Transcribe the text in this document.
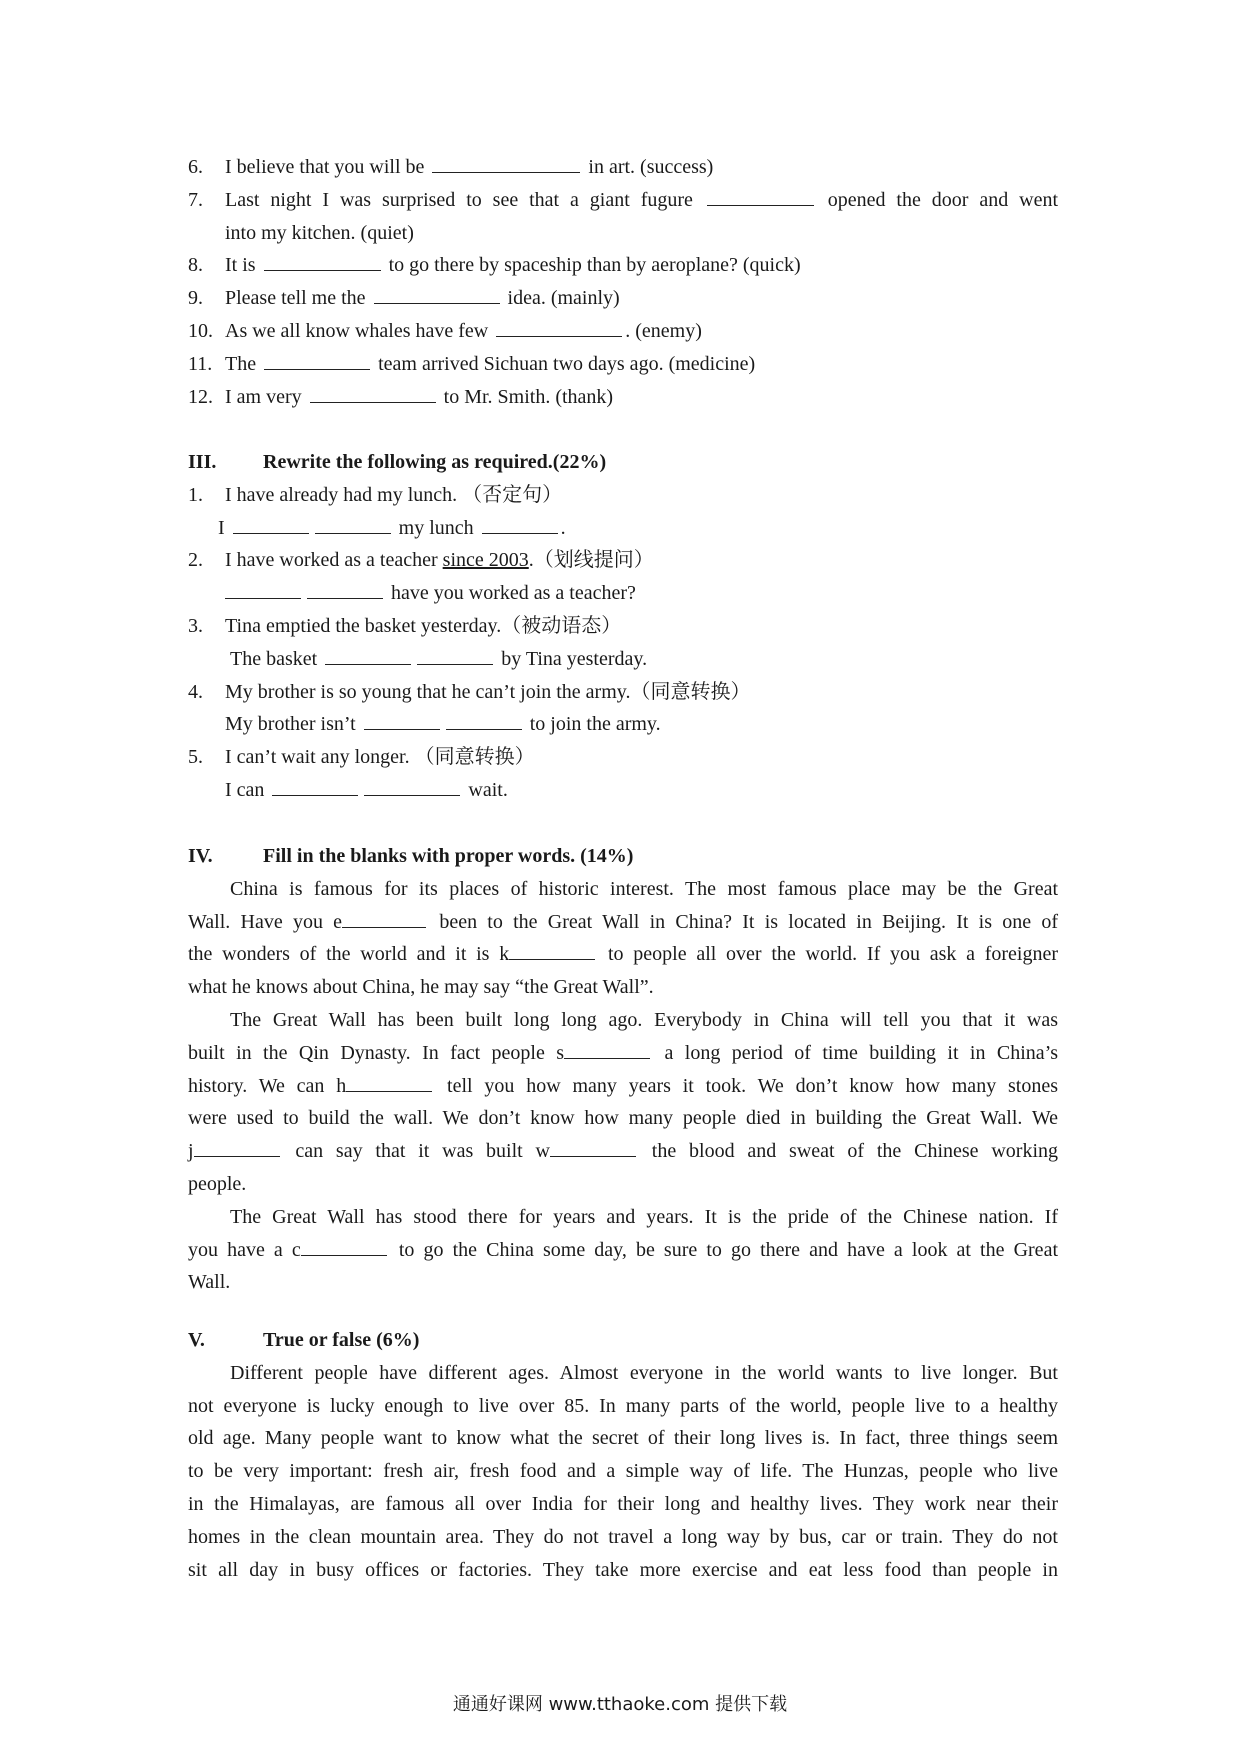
6. I believe that you will be	in art. (success)
7. Last night I was surprised to see that a giant fugure	opened the door and went
into my kitchen. (quiet)
8. It is	to go there by spaceship than by aeroplane? (quick)
9. Please tell me the	idea. (mainly)
10. As we all know whales have few	. (enemy)
11. The	team arrived Sichuan two days ago. (medicine)
12. I am very	to Mr. Smith. (thank)
III. Rewrite the following as required.(22%)
1. I have already had my lunch. （否定句）
I	my lunch	.
2. I have worked as a teacher since 2003.（划线提问）
have you worked as a teacher?
3. Tina emptied the basket yesterday.（被动语态）
The basket	by Tina yesterday.
4. My brother is so young that he can’t join the army.（同意转换）
My brother isn’t	to join the army.
5. I can’t wait any longer. （同意转换）
I can	wait.
IV.	Fill in the blanks with proper words. (14%)
China is famous for its places of historic interest. The most famous place may be the Great
Wall. Have you e	been to the Great Wall in China? It is located in Beijing. It is one of
the wonders of the world and it is k	to people all over the world. If you ask a foreigner
what he knows about China, he may say “the Great Wall”.
The Great Wall has been built long long ago. Everybody in China will tell you that it was
built in the Qin Dynasty. In fact people s	a long period of time building it in China’s
history. We can h	tell you how many years it took. We don’t know how many stones
were used to build the wall. We don’t know how many people died in building the Great Wall. We
j	can say that it was built w	the blood and sweat of the Chinese working
people.
The Great Wall has stood there for years and years. It is the pride of the Chinese nation. If
you have a c	to go the China some day, be sure to go there and have a look at the Great
Wall.
V.	True or false (6%)
Different people have different ages. Almost everyone in the world wants to live longer. But
not everyone is lucky enough to live over 85. In many parts of the world, people live to a healthy
old age. Many people want to know what the secret of their long lives is. In fact, three things seem
to be very important: fresh air, fresh food and a simple way of life. The Hunzas, people who live
in the Himalayas, are famous all over India for their long and healthy lives. They work near their
homes in the clean mountain area. They do not travel a long way by bus, car or train. They do not
sit all day in busy offices or factories. They take more exercise and eat less food than people in
通通好课网 www.tthaoke.com 提供下载
